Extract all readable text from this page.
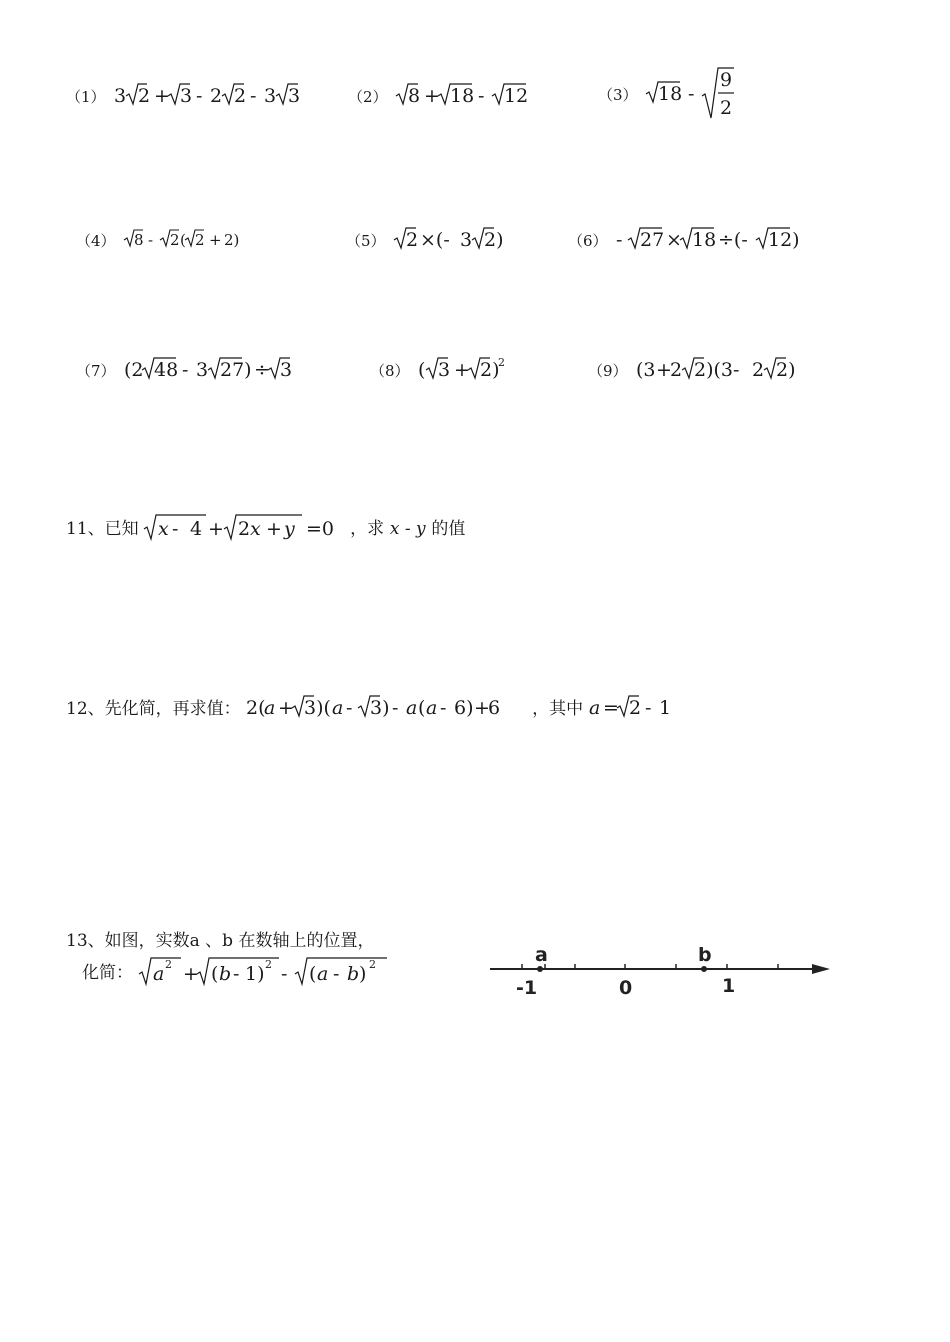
（1） 3 2 + 3 - 2 2 - 3 3	（2） 8 + 18 - 12	（3） 18 -
9
2
（4） 8 - 2 ( 2 + 2)	（5） 2 ×(- 3 2)	（6） - 27 × 18 ÷(- 12)
（7） (2 48 - 3 27) ÷ 3	（8） ( 3 + 2)
2	（9） (3 +
2 2)(3- 2 2)
11、已知 x - 4 + 2 x + y =0 ，求 x - y 的值
12、先化简，再求值： 2(
a + 3)( a - 3) - a ( a - 6) +
6 ，其中 a = 2 - 1
13、如图，实数a 、b 在数轴上的位置，
化简： a 2 + ( b - 1) 2 - ( a - b ) 2	a	b
-1	0	1
